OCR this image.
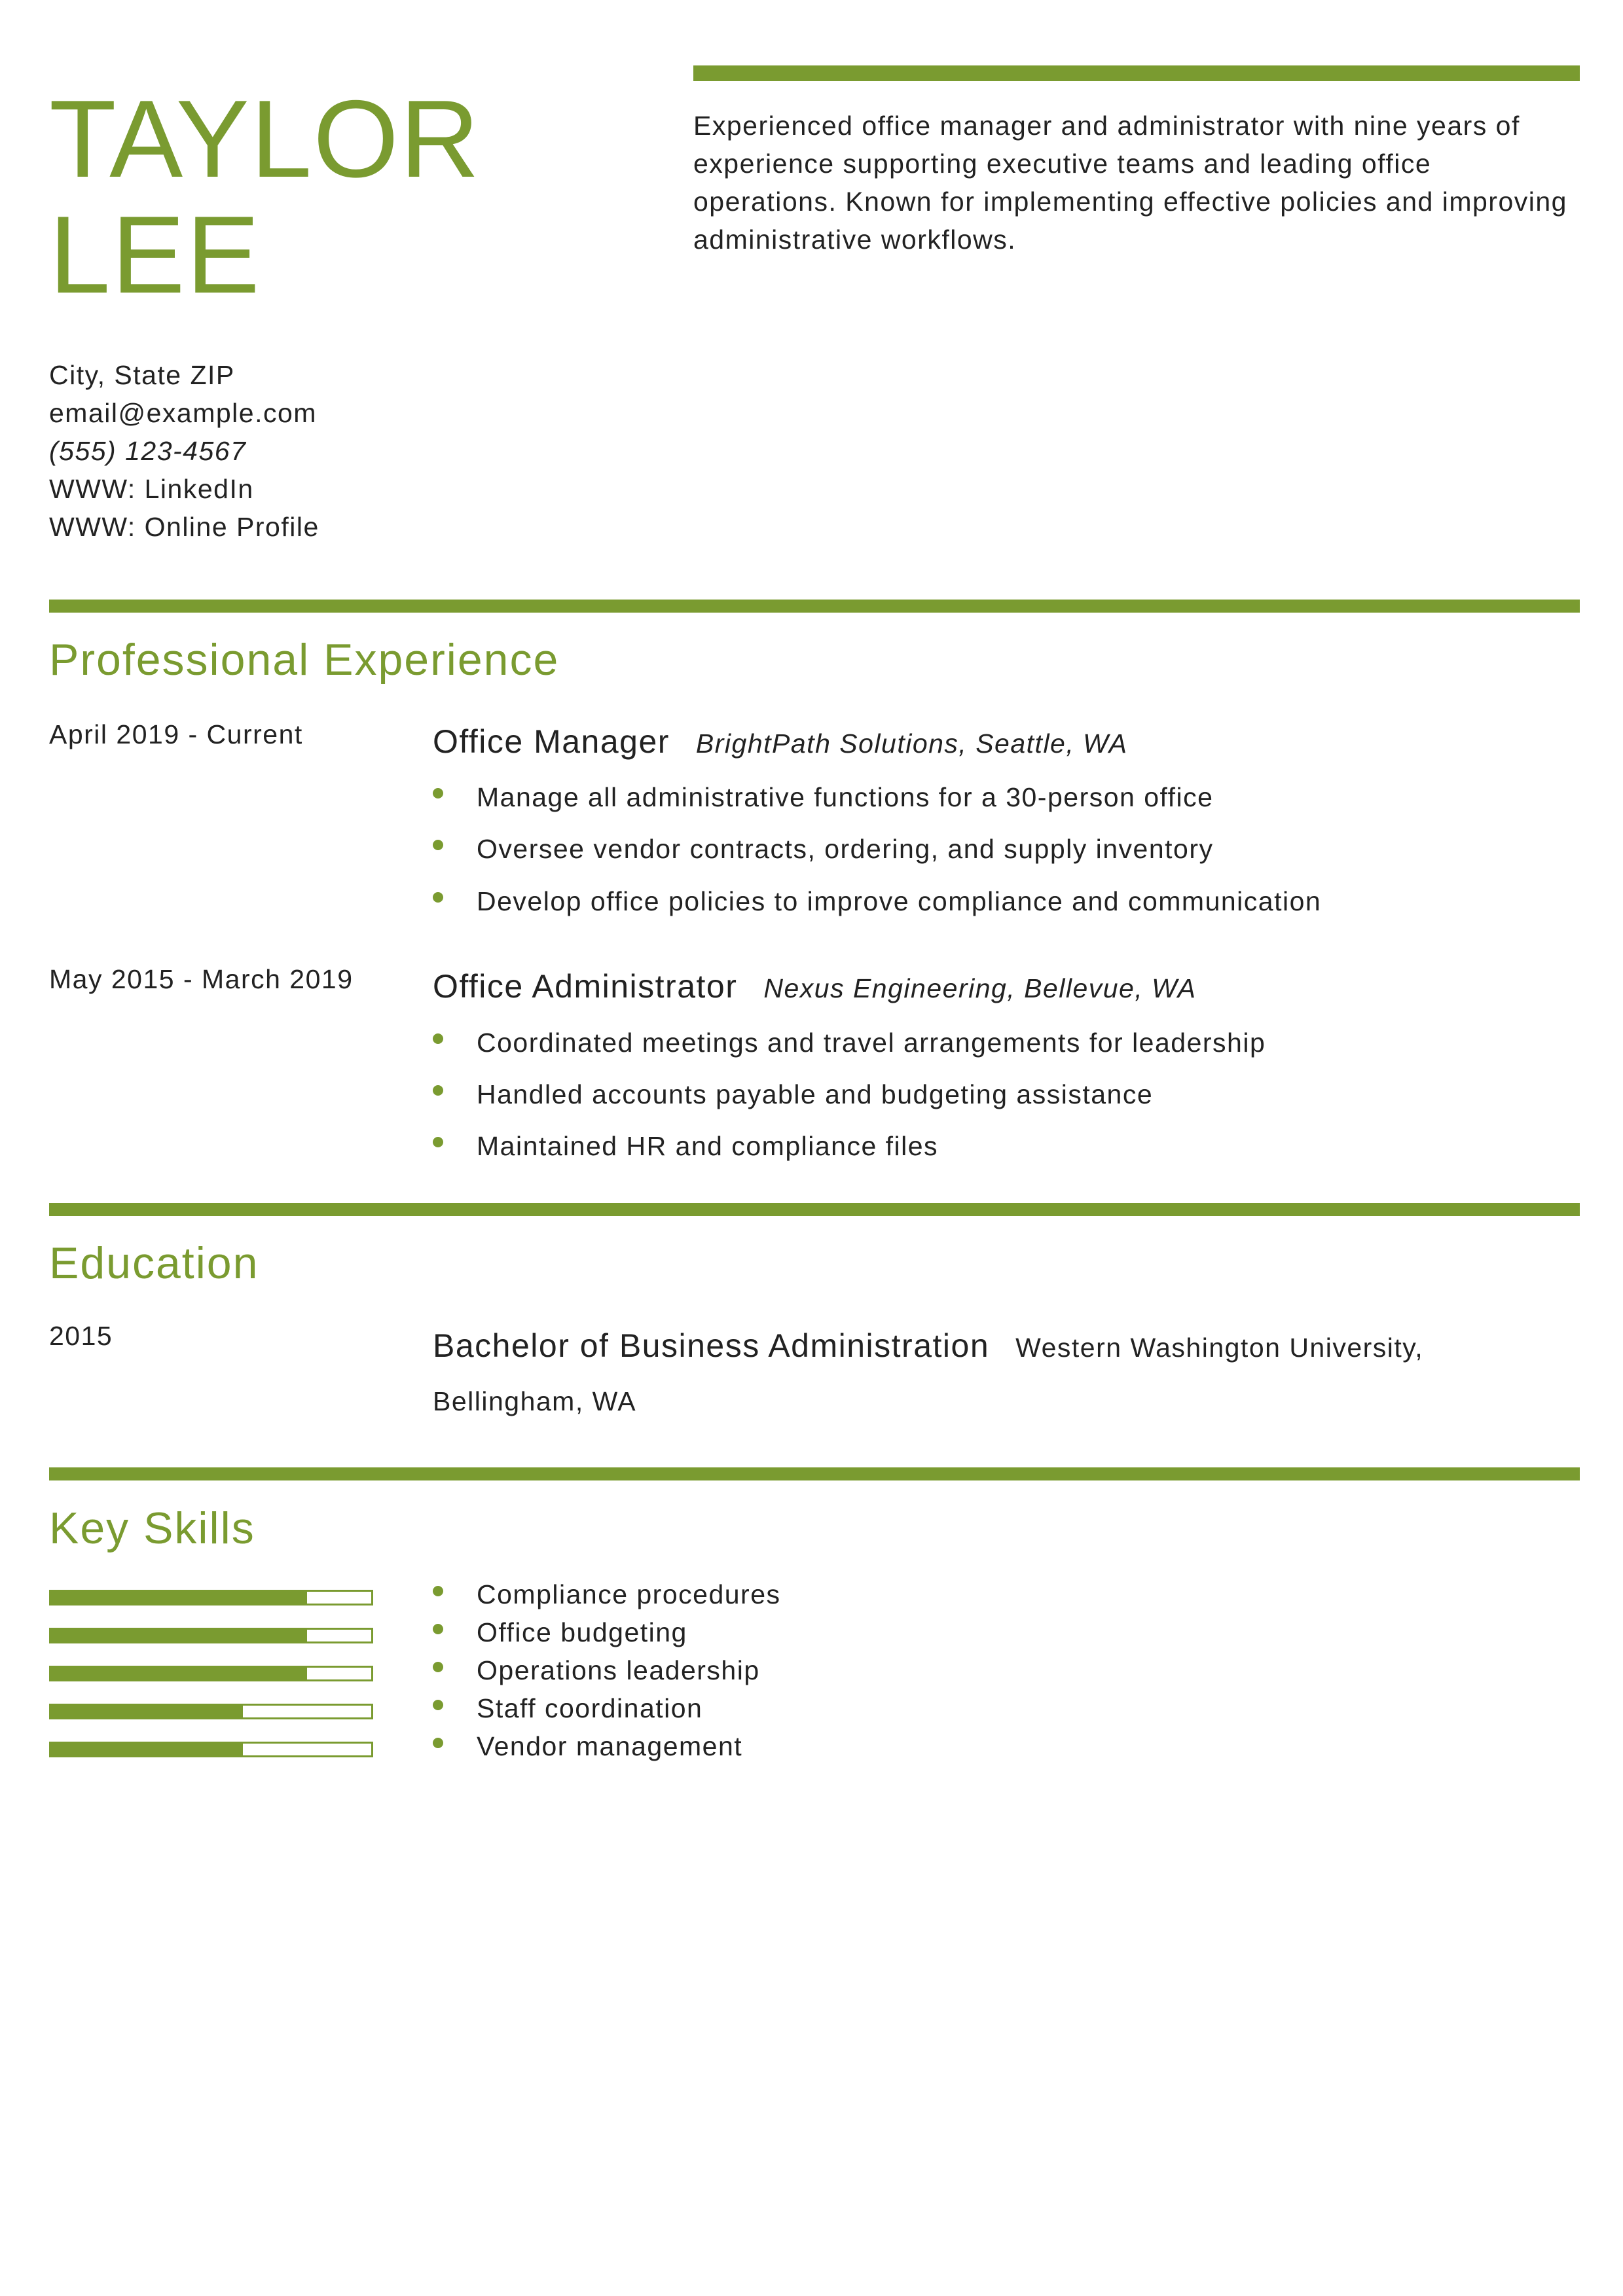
TAYLOR
LEE
Experienced office manager and administrator with nine years of experience supporting executive teams and leading office operations. Known for implementing effective policies and improving administrative workflows.
City, State ZIP
email@example.com
(555) 123-4567
WWW: LinkedIn
WWW: Online Profile
Professional Experience
April 2019 - Current	Office Manager BrightPath Solutions, Seattle, WA
Manage all administrative functions for a 30-person office
Oversee vendor contracts, ordering, and supply inventory
Develop office policies to improve compliance and communication
May 2015 - March 2019 Office Administrator Nexus Engineering, Bellevue, WA
Coordinated meetings and travel arrangements for leadership
Handled accounts payable and budgeting assistance
Maintained HR and compliance files
Education
2015	Bachelor of Business Administration Western Washington University, Bellingham, WA
Key Skills
Compliance procedures
Office budgeting
Operations leadership
Staff coordination
Vendor management
